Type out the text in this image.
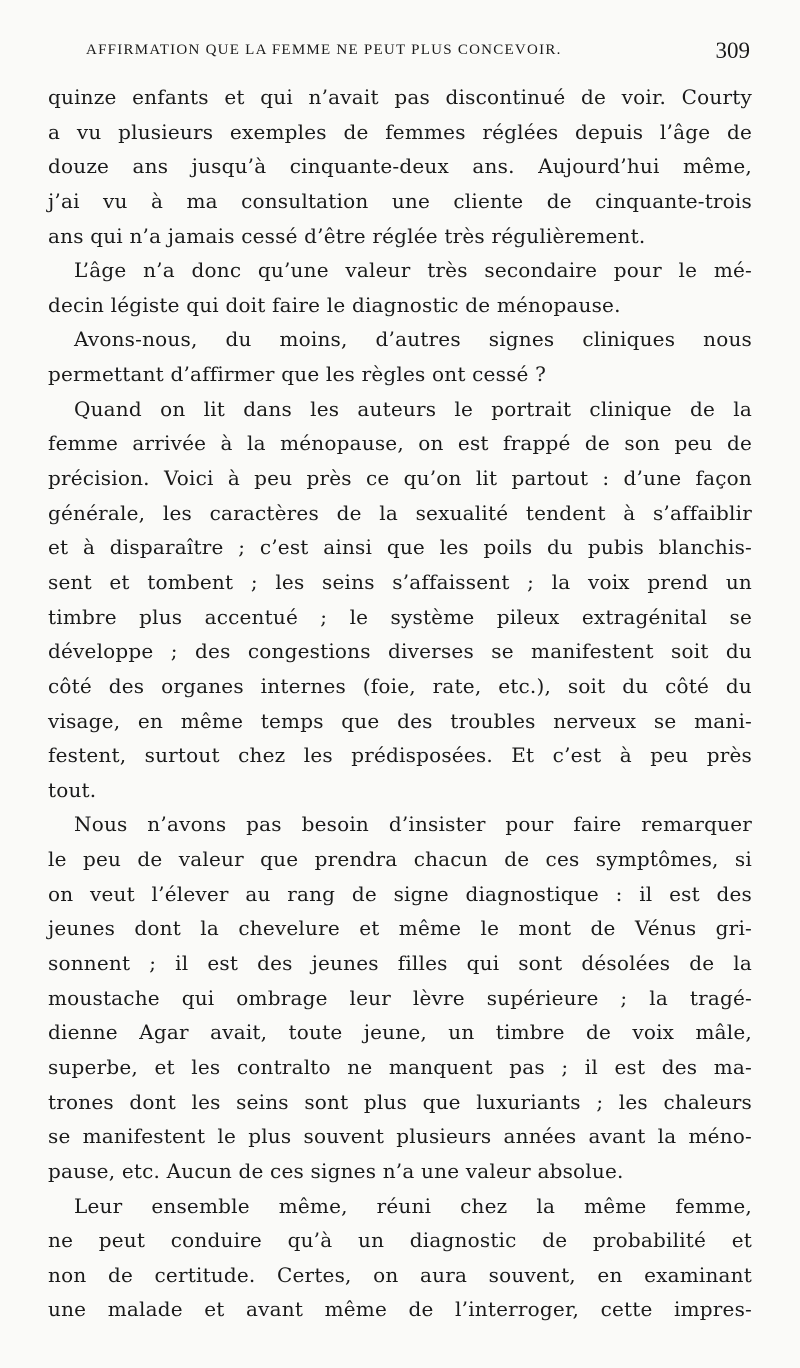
AFFIRMATION QUE LA FEMME NE PEUT PLUS CONCEVOIR.	309
quinze enfants et qui n’avait pas discontinué de voir. Courty
a vu plusieurs exemples de femmes réglées depuis l’âge de
douze ans jusqu’à cinquante-deux ans. Aujourd’hui même,
j’ai vu à ma consultation une cliente de cinquante-trois
ans qui n’a jamais cessé d’être réglée très régulièrement.
L’âge n’a donc qu’une valeur très secondaire pour le mé-
decin légiste qui doit faire le diagnostic de ménopause.
Avons-nous, du moins, d’autres signes cliniques nous
permettant d’affirmer que les règles ont cessé ?
Quand on lit dans les auteurs le portrait clinique de la
femme arrivée à la ménopause, on est frappé de son peu de
précision. Voici à peu près ce qu’on lit partout : d’une façon
générale, les caractères de la sexualité tendent à s’affaiblir
et à disparaître ; c’est ainsi que les poils du pubis blanchis-
sent et tombent ; les seins s’affaissent ; la voix prend un
timbre plus accentué ; le système pileux extragénital se
développe ; des congestions diverses se manifestent soit du
côté des organes internes (foie, rate, etc.), soit du côté du
visage, en même temps que des troubles nerveux se mani-
festent, surtout chez les prédisposées. Et c’est à peu près
tout.
Nous n’avons pas besoin d’insister pour faire remarquer
le peu de valeur que prendra chacun de ces symptômes, si
on veut l’élever au rang de signe diagnostique : il est des
jeunes dont la chevelure et même le mont de Vénus gri-
sonnent ; il est des jeunes filles qui sont désolées de la
moustache qui ombrage leur lèvre supérieure ; la tragé-
dienne Agar avait, toute jeune, un timbre de voix mâle,
superbe, et les contralto ne manquent pas ; il est des ma-
trones dont les seins sont plus que luxuriants ; les chaleurs
se manifestent le plus souvent plusieurs années avant la méno-
pause, etc. Aucun de ces signes n’a une valeur absolue.
Leur ensemble même, réuni chez la même femme,
ne peut conduire qu’à un diagnostic de probabilité et
non de certitude. Certes, on aura souvent, en examinant
une malade et avant même de l’interroger, cette impres-
